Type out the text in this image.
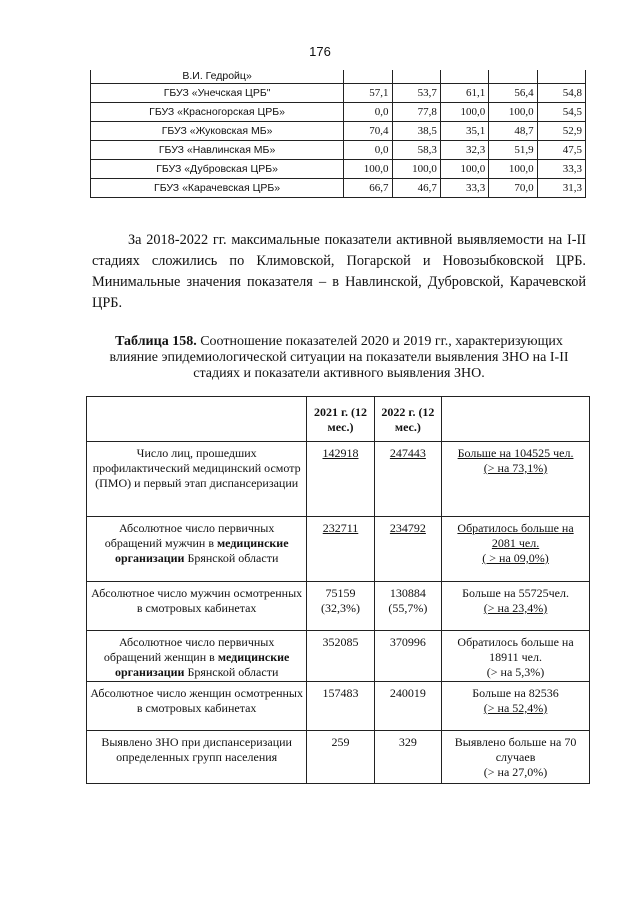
176
В.И. Гедройц»					
ГБУЗ «Унечская ЦРБ"	57,1	53,7	61,1	56,4	54,8
ГБУЗ «Красногорская ЦРБ»	0,0	77,8	100,0	100,0	54,5
ГБУЗ «Жуковская МБ»	70,4	38,5	35,1	48,7	52,9
ГБУЗ «Навлинская МБ»	0,0	58,3	32,3	51,9	47,5
ГБУЗ «Дубровская ЦРБ»	100,0	100,0	100,0	100,0	33,3
ГБУЗ «Карачевская ЦРБ»	66,7	46,7	33,3	70,0	31,3
За 2018-2022 гг. максимальные показатели активной выявляемости на I-II стадиях сложились по Климовской, Погарской и Новозыбковской ЦРБ. Минимальные значения показателя – в Навлинской, Дубровской, Карачевской ЦРБ.
Таблица 158. Соотношение показателей 2020 и 2019 гг., характеризующих влияние эпидемиологической ситуации на показатели выявления ЗНО на I-II стадиях и показатели активного выявления ЗНО.
	2021 г. (12 мес.)	2022 г. (12 мес.)	
Число лиц, прошедших профилактический медицинский осмотр (ПМО) и первый этап диспансеризации	142918	247443	Больше на 104525 чел.
(> на 73,1%)
Абсолютное число первичных обращений мужчин в медицинские организации Брянской области	232711	234792	Обратилось больше на 2081 чел.
( > на 09,0%)
Абсолютное число мужчин осмотренных в смотровых кабинетах	75159 (32,3%)	130884 (55,7%)	Больше на 55725чел.
(> на 23,4%)
Абсолютное число первичных обращений женщин в медицинские организации Брянской области	352085	370996	Обратилось больше на 18911 чел.
(> на 5,3%)
Абсолютное число женщин осмотренных в смотровых кабинетах	157483	240019	Больше на 82536
(> на 52,4%)
Выявлено ЗНО при диспансеризации определенных групп населения	259	329	Выявлено больше на 70 случаев
(> на 27,0%)
